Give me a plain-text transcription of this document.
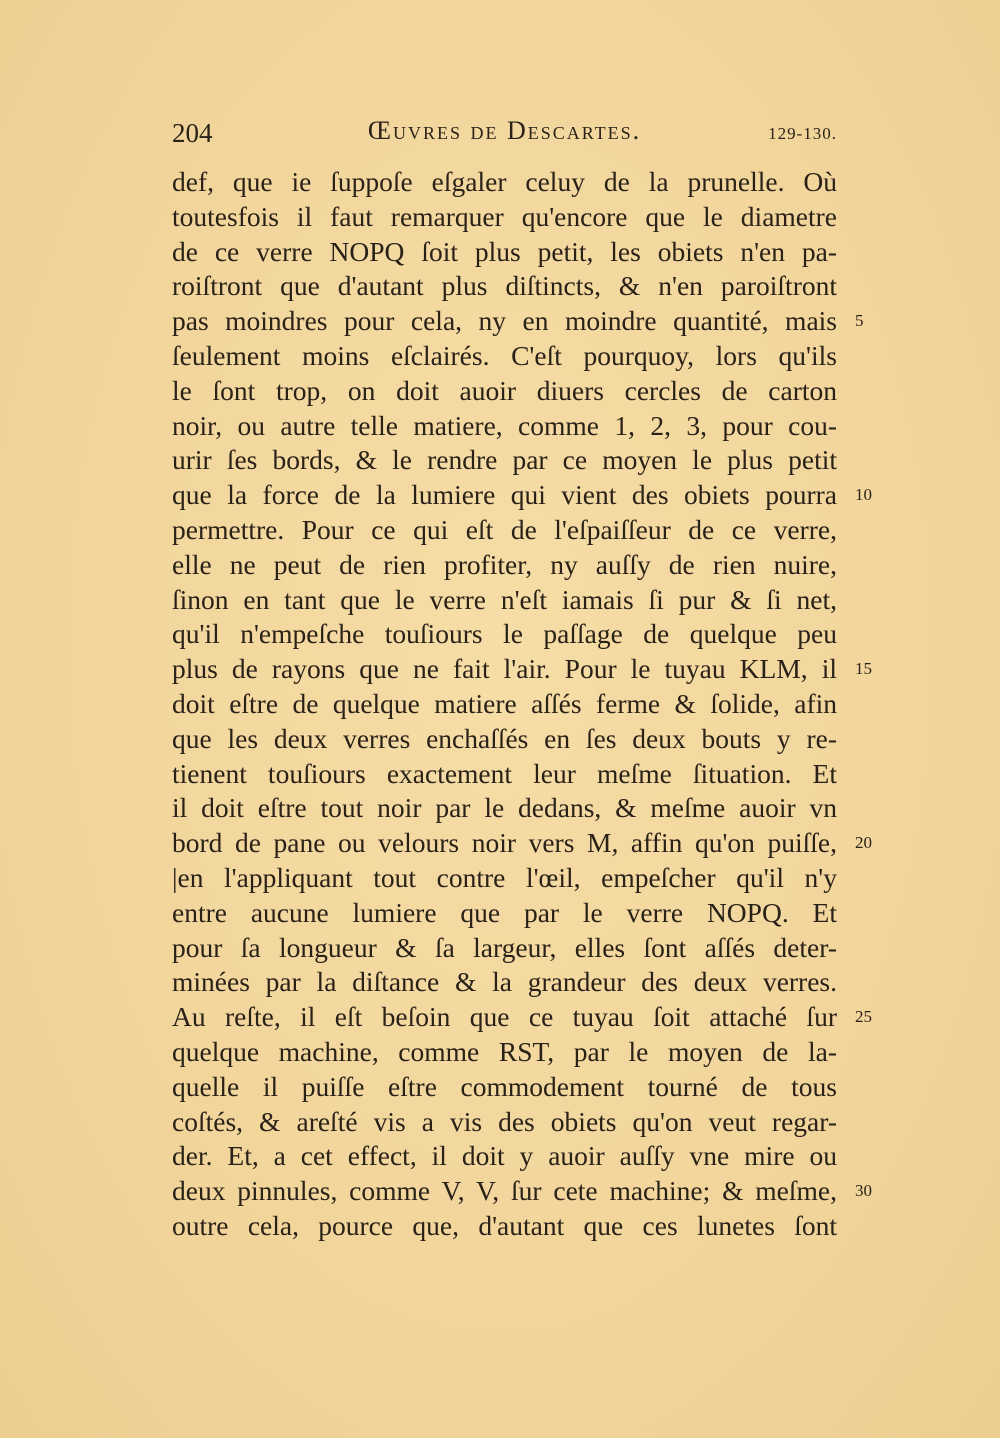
204	Œuvres de Descartes.	129-130.
def, que ie ſuppoſe eſgaler celuy de la prunelle. Où
toutesfois il faut remarquer qu'encore que le diametre
de ce verre NOPQ ſoit plus petit, les obiets n'en pa-
roiſtront que d'autant plus diſtincts, & n'en paroiſtront
pas moindres pour cela, ny en moindre quantité, mais
ſeulement moins eſclairés. C'eſt pourquoy, lors qu'ils
le ſont trop, on doit auoir diuers cercles de carton
noir, ou autre telle matiere, comme 1, 2, 3, pour cou-
urir ſes bords, & le rendre par ce moyen le plus petit
que la force de la lumiere qui vient des obiets pourra
permettre. Pour ce qui eſt de l'eſpaiſſeur de ce verre,
elle ne peut de rien profiter, ny auſſy de rien nuire,
ſinon en tant que le verre n'eſt iamais ſi pur & ſi net,
qu'il n'empeſche touſiours le paſſage de quelque peu
plus de rayons que ne fait l'air. Pour le tuyau KLM, il
doit eſtre de quelque matiere aſſés ferme & ſolide, afin
que les deux verres enchaſſés en ſes deux bouts y re-
tienent touſiours exactement leur meſme ſituation. Et
il doit eſtre tout noir par le dedans, & meſme auoir vn
bord de pane ou velours noir vers M, affin qu'on puiſſe,
|en l'appliquant tout contre l'œil, empeſcher qu'il n'y
entre aucune lumiere que par le verre NOPQ. Et
pour ſa longueur & ſa largeur, elles ſont aſſés deter-
minées par la diſtance & la grandeur des deux verres.
Au reſte, il eſt beſoin que ce tuyau ſoit attaché ſur
quelque machine, comme RST, par le moyen de la-
quelle il puiſſe eſtre commodement tourné de tous
coſtés, & areſté vis a vis des obiets qu'on veut regar-
der. Et, a cet effect, il doit y auoir auſſy vne mire ou
deux pinnules, comme V, V, ſur cete machine; & meſme,
outre cela, pource que, d'autant que ces lunetes ſont
5
10
15
20
25
30
